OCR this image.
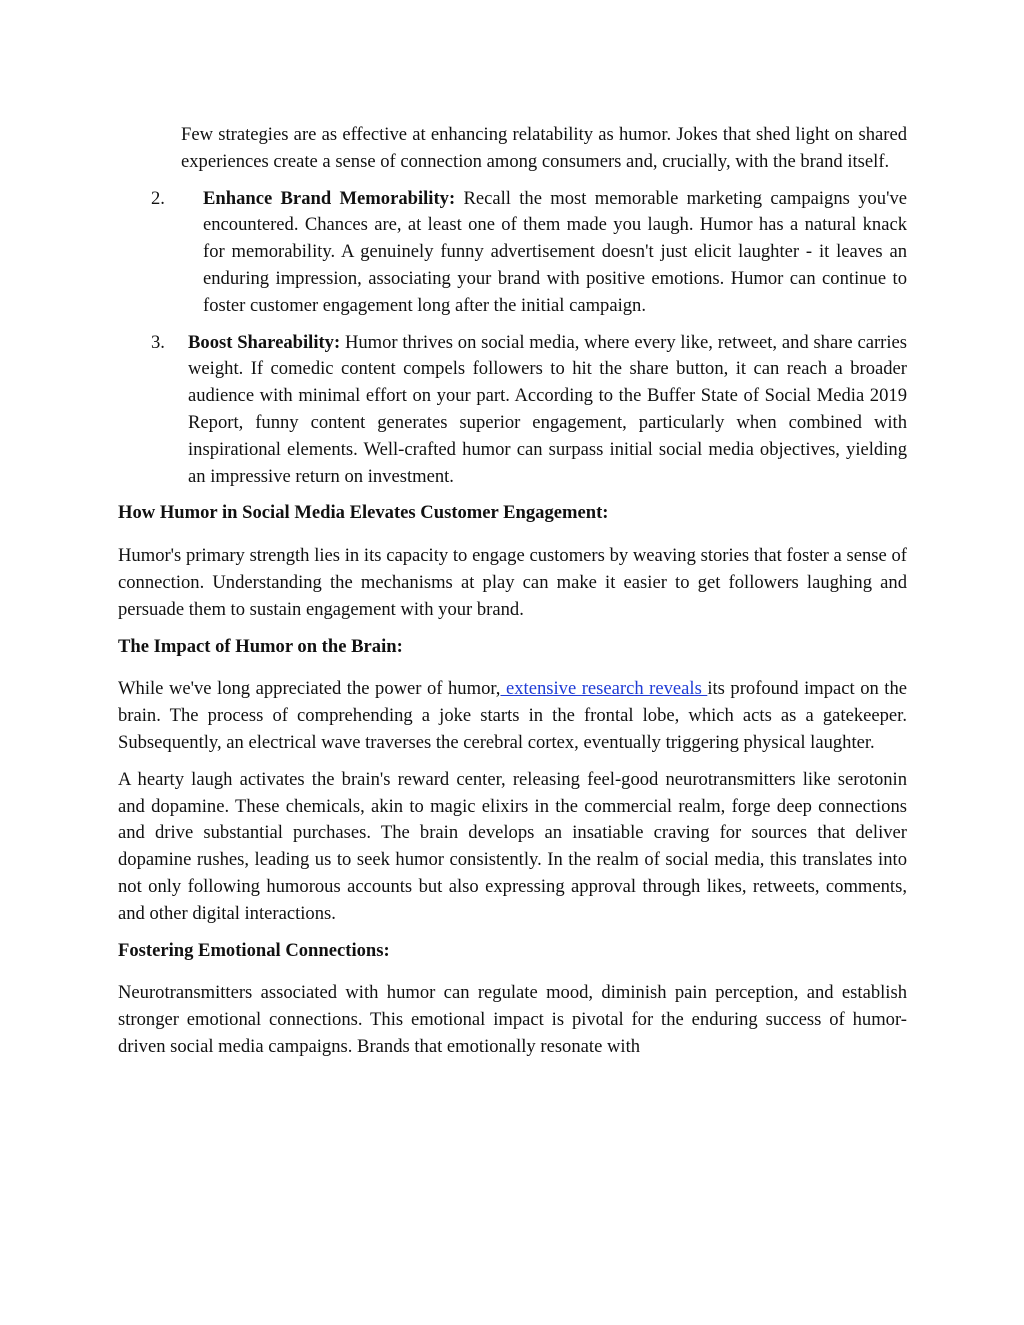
Few strategies are as effective at enhancing relatability as humor. Jokes that shed light on shared experiences create a sense of connection among consumers and, crucially, with the brand itself.

2.	Enhance Brand Memorability: Recall the most memorable marketing campaigns you've encountered. Chances are, at least one of them made you laugh. Humor has a natural knack for memorability. A genuinely funny advertisement doesn't just elicit laughter - it leaves an enduring impression, associating your brand with positive emotions. Humor can continue to foster customer engagement long after the initial campaign.

3.	Boost Shareability: Humor thrives on social media, where every like, retweet, and share carries weight. If comedic content compels followers to hit the share button, it can reach a broader audience with minimal effort on your part. According to the Buffer State of Social Media 2019 Report, funny content generates superior engagement, particularly when combined with inspirational elements. Well-crafted humor can surpass initial social media objectives, yielding an impressive return on investment.

How Humor in Social Media Elevates Customer Engagement:

Humor's primary strength lies in its capacity to engage customers by weaving stories that foster a sense of connection. Understanding the mechanisms at play can make it easier to get followers laughing and persuade them to sustain engagement with your brand.

The Impact of Humor on the Brain:

While we've long appreciated the power of humor, extensive research reveals its profound impact on the brain. The process of comprehending a joke starts in the frontal lobe, which acts as a gatekeeper. Subsequently, an electrical wave traverses the cerebral cortex, eventually triggering physical laughter.

A hearty laugh activates the brain's reward center, releasing feel-good neurotransmitters like serotonin and dopamine. These chemicals, akin to magic elixirs in the commercial realm, forge deep connections and drive substantial purchases. The brain develops an insatiable craving for sources that deliver dopamine rushes, leading us to seek humor consistently. In the realm of social media, this translates into not only following humorous accounts but also expressing approval through likes, retweets, comments, and other digital interactions.

Fostering Emotional Connections:

Neurotransmitters associated with humor can regulate mood, diminish pain perception, and establish stronger emotional connections. This emotional impact is pivotal for the enduring success of humor-driven social media campaigns. Brands that emotionally resonate with
